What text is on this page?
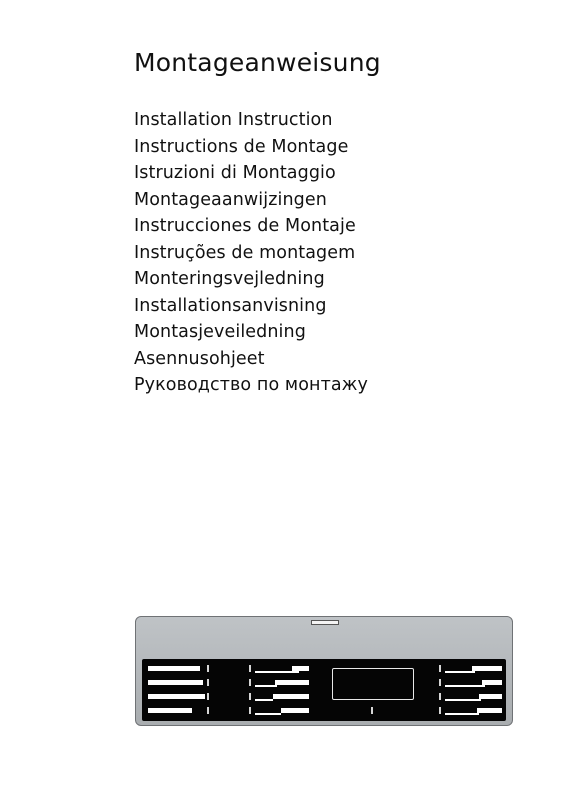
Montageanweisung
Installation Instruction
Instructions de Montage
Istruzioni di Montaggio
Montageaanwijzingen
Instrucciones de Montaje
Instruções de montagem
Monteringsvejledning
Installationsanvisning
Montasjeveiledning
Asennusohjeet
Руководство по монтажу
